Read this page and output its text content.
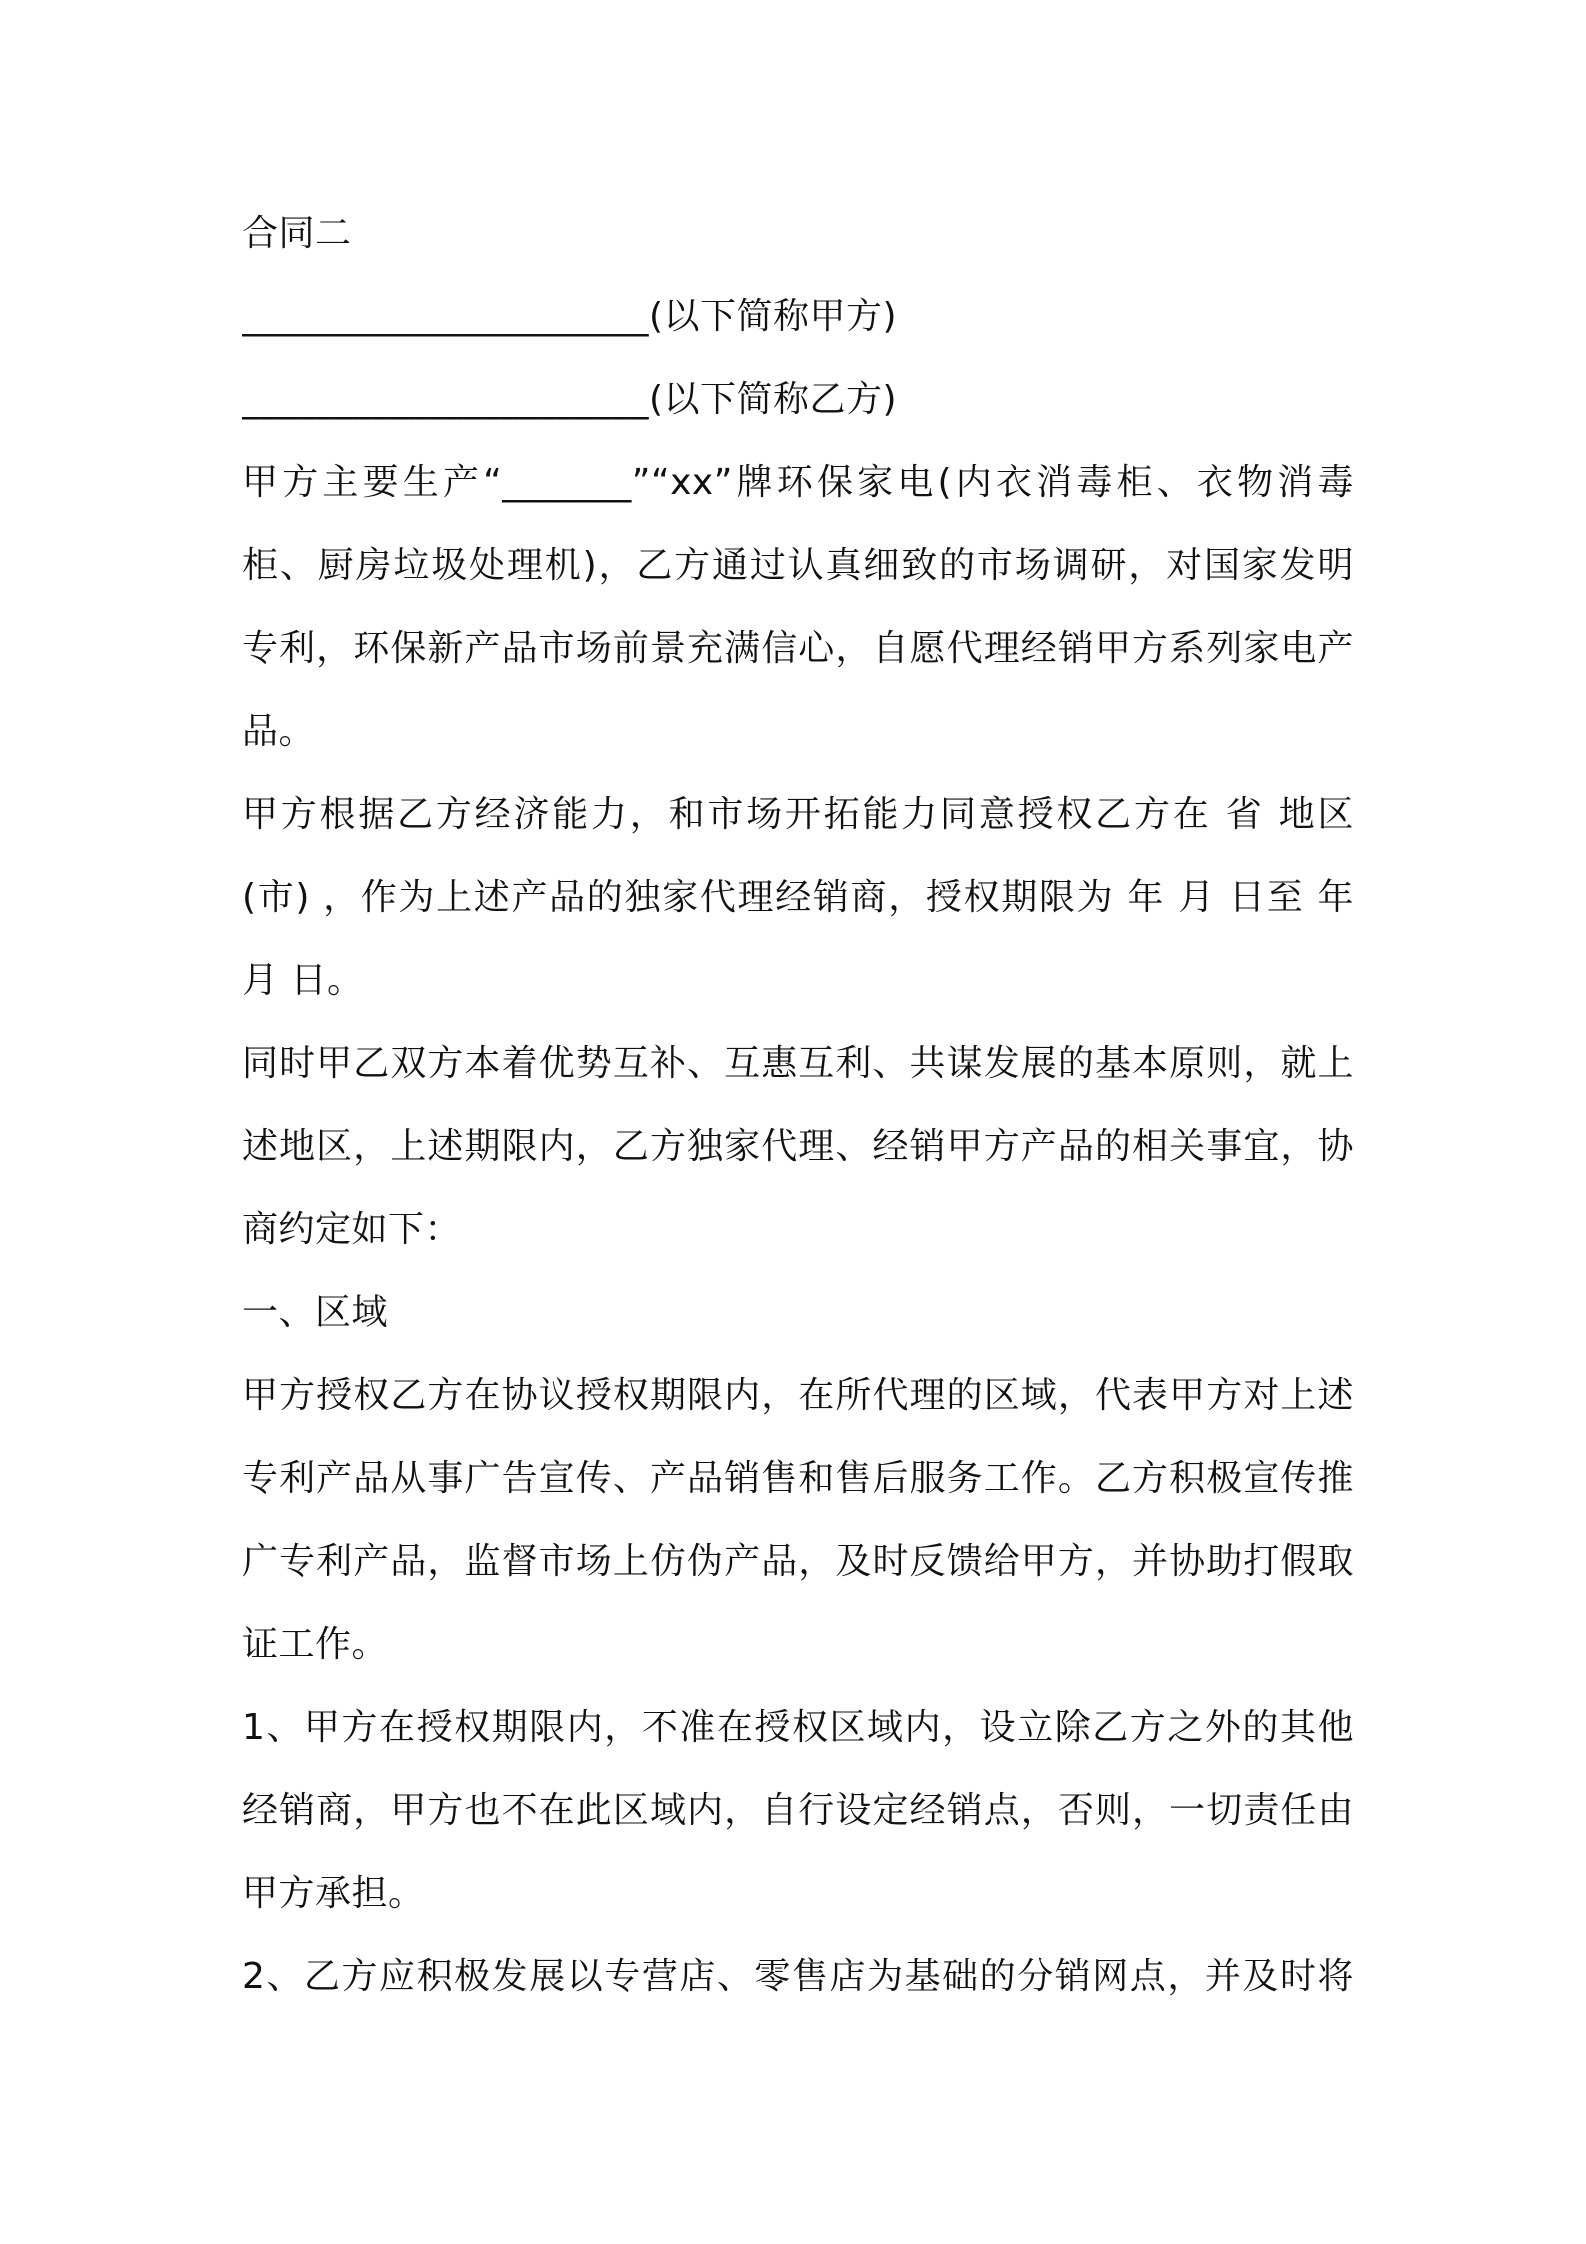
合同二
______________________(以下简称甲方)
______________________(以下简称乙方)
甲方主要生产“_______”“xx”牌环保家电(内衣消毒柜、衣物消毒
柜、厨房垃圾处理机)，乙方通过认真细致的市场调研，对国家发明
专利，环保新产品市场前景充满信心，自愿代理经销甲方系列家电产
品。
甲方根据乙方经济能力，和市场开拓能力同意授权乙方在 省 地区
(市) ，作为上述产品的独家代理经销商，授权期限为 年 月 日至 年
月 日。
同时甲乙双方本着优势互补、互惠互利、共谋发展的基本原则，就上
述地区，上述期限内，乙方独家代理、经销甲方产品的相关事宜，协
商约定如下：
一、区域
甲方授权乙方在协议授权期限内，在所代理的区域，代表甲方对上述
专利产品从事广告宣传、产品销售和售后服务工作。乙方积极宣传推
广专利产品，监督市场上仿伪产品，及时反馈给甲方，并协助打假取
证工作。
1、甲方在授权期限内，不准在授权区域内，设立除乙方之外的其他
经销商，甲方也不在此区域内，自行设定经销点，否则，一切责任由
甲方承担。
2、乙方应积极发展以专营店、零售店为基础的分销网点，并及时将
